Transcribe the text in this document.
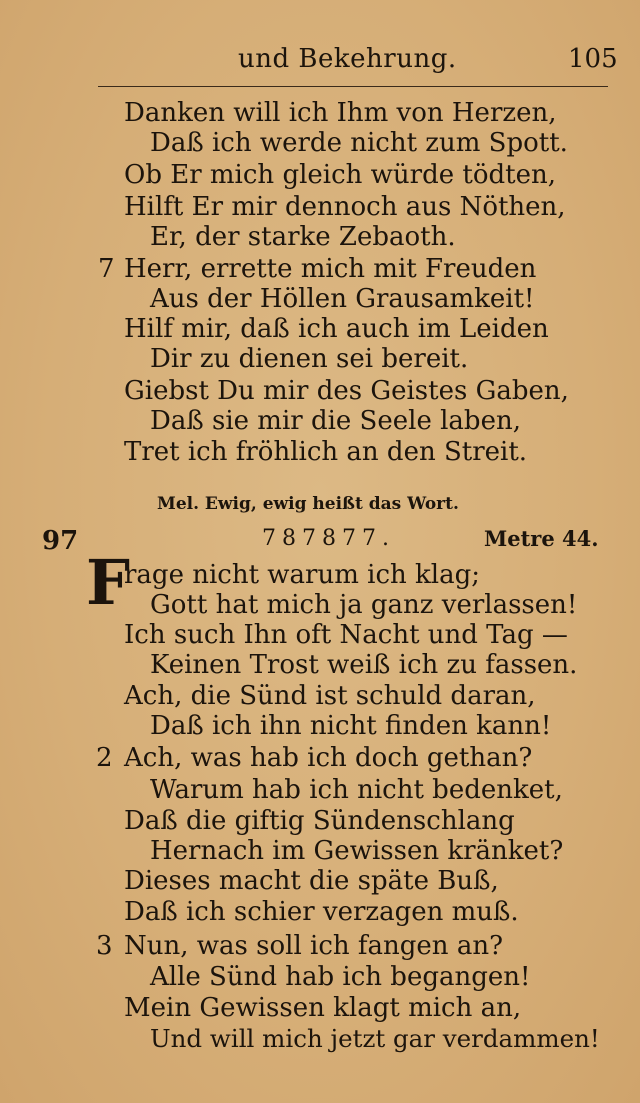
und Bekehrung.	105
Danken will ich Ihm von Herzen,
Daß ich werde nicht zum Spott.
Ob Er mich gleich würde tödten,
Hilft Er mir dennoch aus Nöthen,
Er, der starke Zebaoth.
7 Herr, errette mich mit Freuden
Aus der Höllen Grausamkeit!
Hilf mir, daß ich auch im Leiden
Dir zu dienen sei bereit.
Giebst Du mir des Geistes Gaben,
Daß sie mir die Seele laben,
Tret ich fröhlich an den Streit.
Mel. Ewig, ewig heißt das Wort.
97	787877.	Metre 44.
F
rage nicht warum ich klag;
Gott hat mich ja ganz verlassen!
Ich such Ihn oft Nacht und Tag —
Keinen Trost weiß ich zu fassen.
Ach, die Sünd ist schuld daran,
Daß ich ihn nicht finden kann!
2 Ach, was hab ich doch gethan?
Warum hab ich nicht bedenket,
Daß die giftig Sündenschlang
Hernach im Gewissen kränket?
Dieses macht die späte Buß,
Daß ich schier verzagen muß.
3 Nun, was soll ich fangen an?
Alle Sünd hab ich begangen!
Mein Gewissen klagt mich an,
Und will mich jetzt gar verdammen!
